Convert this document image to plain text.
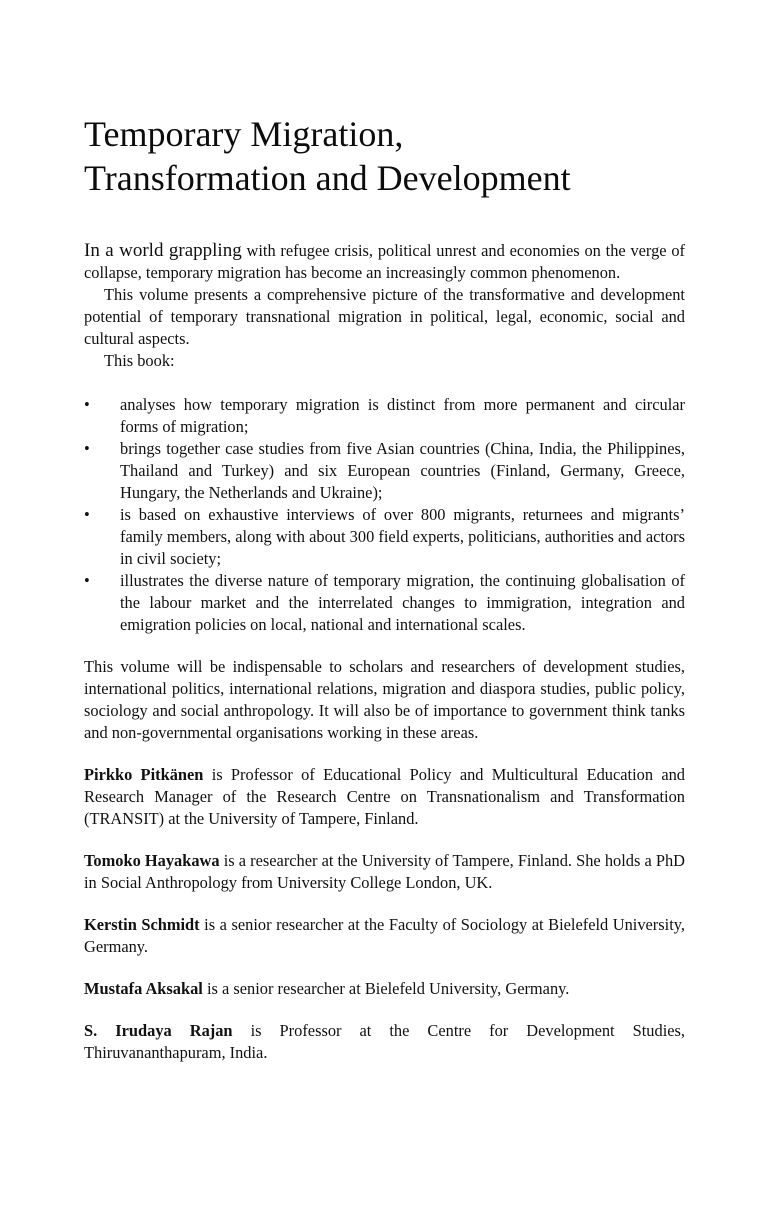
Temporary Migration,
Transformation and Development

In a world grappling with refugee crisis, political unrest and economies on the verge of collapse, temporary migration has become an increasingly common phenomenon.

This volume presents a comprehensive picture of the transformative and development potential of temporary transnational migration in political, legal, economic, social and cultural aspects.

This book:

•	analyses how temporary migration is distinct from more permanent and circular forms of migration;
•	brings together case studies from five Asian countries (China, India, the Philippines, Thailand and Turkey) and six European countries (Finland, Germany, Greece, Hungary, the Netherlands and Ukraine);
•	is based on exhaustive interviews of over 800 migrants, returnees and migrants’ family members, along with about 300 field experts, politicians, authorities and actors in civil society;
•	illustrates the diverse nature of temporary migration, the continuing globalisation of the labour market and the interrelated changes to immigration, integration and emigration policies on local, national and international scales.

This volume will be indispensable to scholars and researchers of development studies, international politics, international relations, migration and diaspora studies, public policy, sociology and social anthropology. It will also be of importance to government think tanks and non-governmental organisations working in these areas.

Pirkko Pitkänen is Professor of Educational Policy and Multicultural Education and Research Manager of the Research Centre on Transnationalism and Transformation (TRANSIT) at the University of Tampere, Finland.

Tomoko Hayakawa is a researcher at the University of Tampere, Finland. She holds a PhD in Social Anthropology from University College London, UK.

Kerstin Schmidt is a senior researcher at the Faculty of Sociology at Bielefeld University, Germany.

Mustafa Aksakal is a senior researcher at Bielefeld University, Germany.

S. Irudaya Rajan is Professor at the Centre for Development Studies, Thiruvananthapuram, India.
